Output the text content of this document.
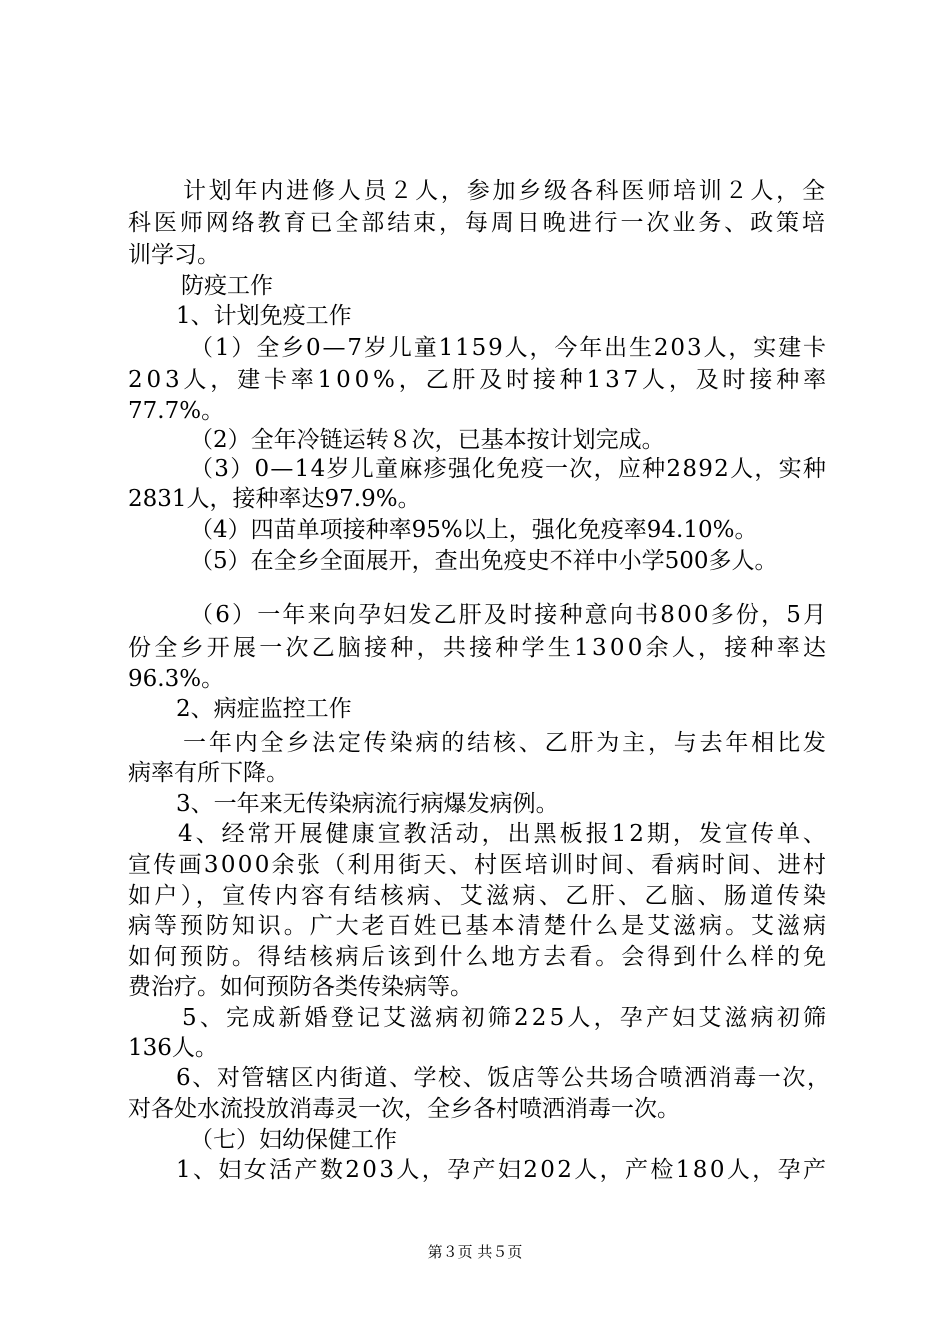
计划年内进修人员２人，参加乡级各科医师培训２人，全
科医师网络教育已全部结束，每周日晚进行一次业务、政策培
训学习。
防疫工作
1、计划免疫工作
（1）全乡0—7岁儿童1159人，今年出生203人，实建卡
203人，建卡率100%，乙肝及时接种137人，及时接种率
77.7%。
（2）全年冷链运转８次，已基本按计划完成。
（3）0—14岁儿童麻疹强化免疫一次，应种2892人，实种
2831人，接种率达97.9%。
（4）四苗单项接种率95%以上，强化免疫率94.10%。
（5）在全乡全面展开，查出免疫史不祥中小学500多人。
（6）一年来向孕妇发乙肝及时接种意向书800多份，5月
份全乡开展一次乙脑接种，共接种学生1300余人，接种率达
96.3%。
2、病症监控工作
一年内全乡法定传染病的结核、乙肝为主，与去年相比发
病率有所下降。
3、一年来无传染病流行病爆发病例。
4、经常开展健康宣教活动，出黑板报12期，发宣传单、
宣传画3000余张（利用街天、村医培训时间、看病时间、进村
如户），宣传内容有结核病、艾滋病、乙肝、乙脑、肠道传染
病等预防知识。广大老百姓已基本清楚什么是艾滋病。艾滋病
如何预防。得结核病后该到什么地方去看。会得到什么样的免
费治疗。如何预防各类传染病等。
5、完成新婚登记艾滋病初筛225人，孕产妇艾滋病初筛
136人。
6、对管辖区内街道、学校、饭店等公共场合喷洒消毒一次，
对各处水流投放消毒灵一次，全乡各村喷洒消毒一次。
（七）妇幼保健工作
1、妇女活产数203人，孕产妇202人，产检180人，孕产
第３页 共５页
